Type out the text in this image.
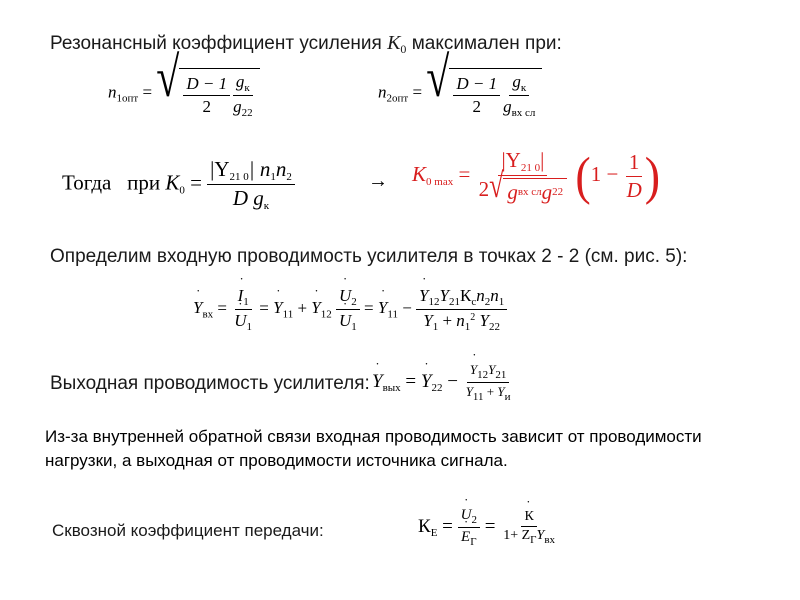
Резонансный коэффициент усиления $K_0$ максимален при:
$n_{1опт}$ = √ $\frac{D - 1}{2} \frac{g_к}{g_{22}}$	$n_{2опт}$ = √ $\frac{D - 1}{2} \frac{g_к}{g_{вх сл}}$
Тогда при $K_0 = \frac{|Y_{21 0}| n_1n_2}{D g_к}$	→ $K_{0 max} = \frac{|Y_{21 0}|}{\text{2 √ g вх сл g 22}} (1 - \frac{1}{D}$ )
Определим входную проводимость усилителя в точках 2 - 2 (см. рис. 5):
˙ $Y_{вх}$ = ˙ $I_1$
˙ $U_1$ = ˙ $Y_{11}$ + ˙ $Y_{12}$ ˙ $U_2$
˙ $U_1$ = ˙ $Y_{11}$ − ˙ $\frac{Y_{12}Y_{21}К_сn_2n_1}{Y_1 + n_1^2 Y_{22}}$
Выходная проводимость усилителя: ˙ $Y_{вых}$ = ˙ $Y_{22}$ − ˙ $\frac{Y_{12}Y_{21}}{Y_{11} + Y_и}$
Из-за внутренней обратной связи входная проводимость зависит от проводимости нагрузки, а выходная от проводимости источника сигнала.
Сквозной коэффициент передачи:	$К_E$ = ˙ $U_2$
˙ $E_Г$ = ˙ $\frac{К}{1+ Z_ГY_{вх}}$
